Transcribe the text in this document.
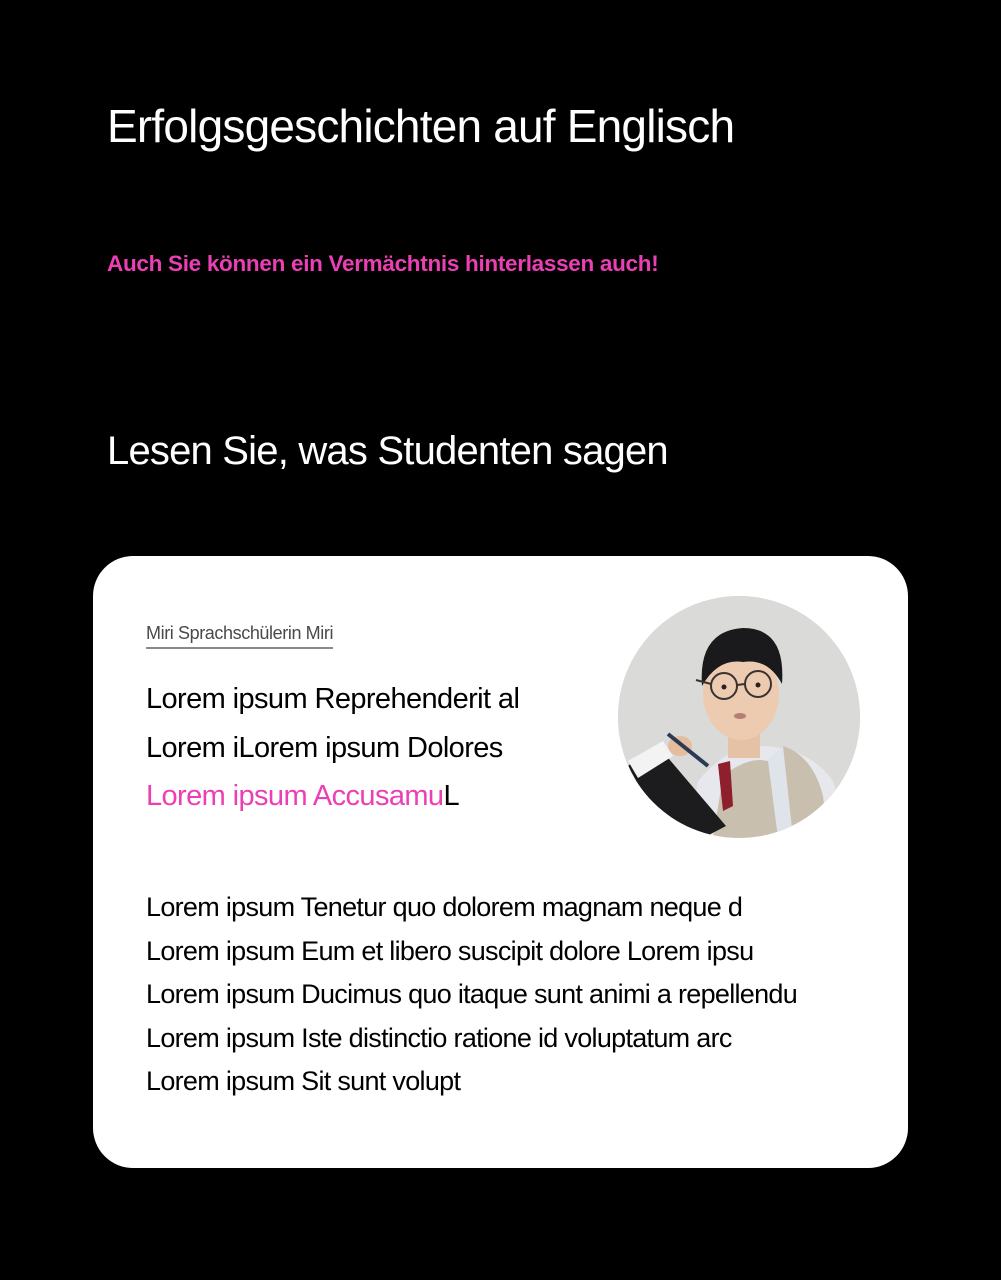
Erfolgsgeschichten auf Englisch

Auch Sie können ein Vermächtnis hinterlassen auch!

Lesen Sie, was Studenten sagen
Miri Sprachschülerin Miri
Lorem ipsum Reprehenderit al
Lorem iLorem ipsum Dolores
Lorem ipsum AccusamuL
Lorem ipsum Tenetur quo dolorem magnam neque d
Lorem ipsum Eum et libero suscipit dolore Lorem ipsu
Lorem ipsum Ducimus quo itaque sunt animi a repellendu
Lorem ipsum Iste distinctio ratione id voluptatum arc
Lorem ipsum Sit sunt volupt
